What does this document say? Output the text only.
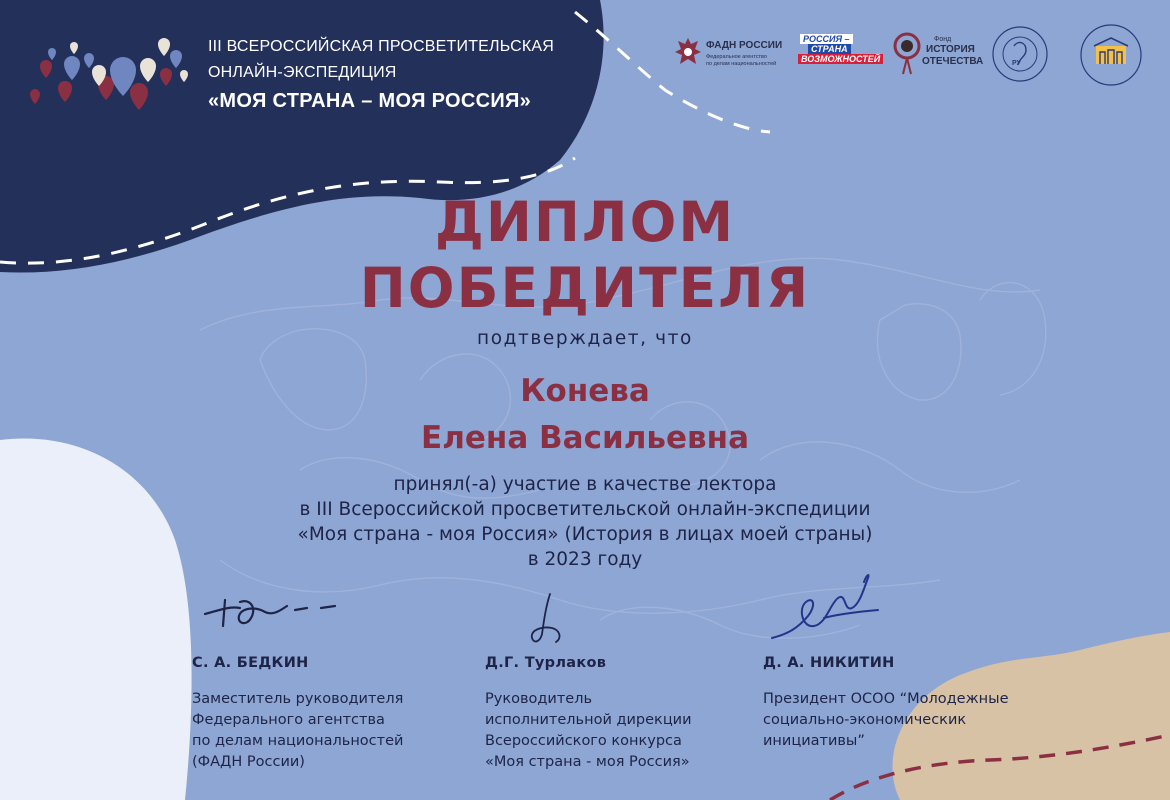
III ВСЕРОССИЙСКАЯ ПРОСВЕТИТЕЛЬСКАЯ
ОНЛАЙН-ЭКСПЕДИЦИЯ
«МОЯ СТРАНА – МОЯ РОССИЯ»
ФАДН РОССИИ
Федеральное агентство
по делам национальностей
РОССИЯ –
СТРАНА
ВОЗМОЖНОСТЕЙ
Фонд
ИСТОРИЯ
ОТЕЧЕСТВА	РУ
ДИПЛОМ
ПОБЕДИТЕЛЯ
подтверждает, что
Конева
Елена Васильевна
принял(-а) участие в качестве лектора
в III Всероссийской просветительской онлайн-экспедиции
«Моя страна - моя Россия» (История в лицах моей страны)
в 2023 году
С. А. БЕДКИН
Заместитель руководителя
Федерального агентства
по делам национальностей
(ФАДН России)
Д.Г. Турлаков
Руководитель
исполнительной дирекции
Всероссийского конкурса
«Моя страна - моя Россия»
Д. А. НИКИТИН
Президент ОСОО “Молодежные
социально-экономическик
инициативы”
